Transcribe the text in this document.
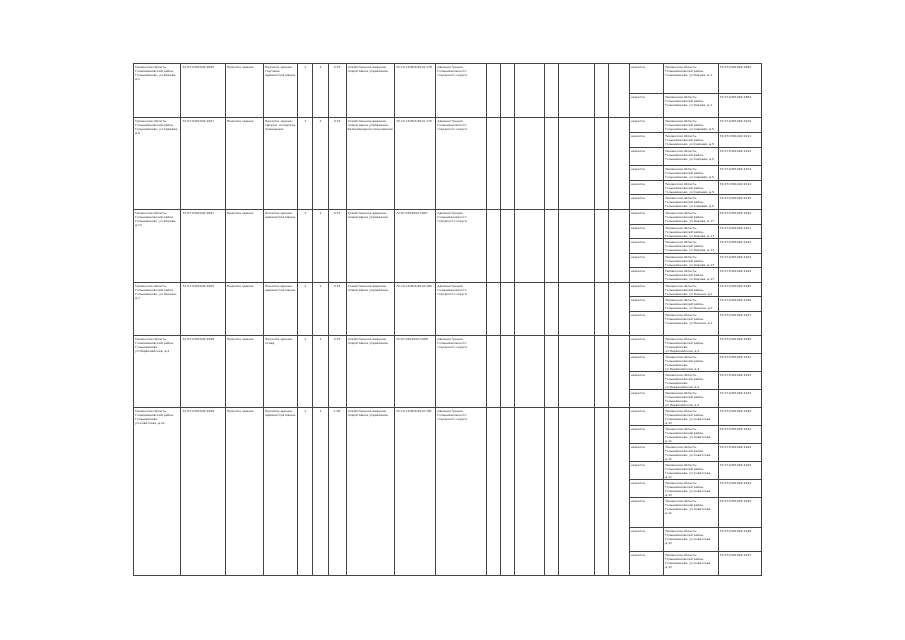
Тюменская область, Голышмановский район, Голышманово, ул.Кирова, д.1	72:07:0301002:1895	Нежилое здание	Нежилое здание торговое, административное	1	2	0,75	Хозяйственное ведение, оперативное управление	72-72-15/001/2012-178	Администрация Голышмановского городского округа								нежилое	Тюменская область, Голышмановский район, Голышманово, ул.Кирова, д.1	72:07:0301002:1892
																	нежилое	Тюменская область, Голышмановский район, Голышманово, ул.Кирова, д.1	72:07:0301002:1893
Тюменская область, Голышмановский район, Голышманово, ул.Садовая, д.5	72:07:0301002:1907	Нежилое здание	Нежилое здание, гаражи, складское помещение	1	2	0,72	Хозяйственное ведение, оперативное управление, безвозмездное пользование	72-72-15/001/2012-179	Администрация Голышмановского городского округа								нежилое	Тюменская область, Голышмановский район, Голышманово, ул.Садовая, д.5	72:07:0301002:1910
																	нежилое	Тюменская область, Голышмановский район, Голышманово, ул.Садовая, д.5	72:07:0301002:1911
																	нежилое	Тюменская область, Голышмановский район, Голышманово, ул.Садовая, д.5	72:07:0301002:1912
																	нежилое	Тюменская область, Голышмановский район, Голышманово, ул.Садовая, д.5	72:07:0301002:1913
																	нежилое	Тюменская область, Голышмановский район, Голышманово, ул.Садовая, д.5	72:07:0301002:1914
																	нежилое	Тюменская область, Голышмановский район, Голышманово, ул.Садовая, д.5	72:07:0301002:1915
Тюменская область, Голышмановский район, Голышманово, ул.Кирова, д.17	72:07:0301002:1897	Нежилое здание	Нежилое здание, административное	1	1	0,72	Хозяйственное ведение, оперативное управление	72:07:0301002:1897	Администрация Голышмановского городского округа								нежилое	Тюменская область, Голышмановский район, Голышманово, ул.Кирова, д.17	72:07:0301002:1920
																	нежилое	Тюменская область, Голышмановский район, Голышманово, ул.Кирова, д.17	72:07:0301002:1921
																	нежилое	Тюменская область, Голышмановский район, Голышманово, ул.Кирова, д.17	72:07:0301002:1922
																	нежилое	Тюменская область, Голышмановский район, Голышманово, ул.Кирова, д.17	72:07:0301002:1923
																	нежилое	Тюменская область, Голышмановский район, Голышманово, ул.Кирова, д.17	72:07:0301002:1924
Тюменская область, Голышмановский район, Голышманово, ул.Ленина, д.7	72:07:0301002:1905	Нежилое здание	Нежилое здание, административное	1	1	0,75	Хозяйственное ведение, оперативное управление	72-72-15/001/2012-180	Администрация Голышмановского городского округа								нежилое	Тюменская область, Голышмановский район, Голышманово, ул.Ленина, д.7	72:07:0301002:1925
																	нежилое	Тюменская область, Голышмановский район, Голышманово, ул.Ленина, д.7	72:07:0301002:1926
																	нежилое	Тюменская область, Голышмановский район, Голышманово, ул.Ленина, д.7	72:07:0301002:1927
Тюменская область, Голышмановский район, Голышманово, ул.Первомайская, д.2	72:07:0301002:1908	Нежилое здание	Нежилое здание, склад	1	1	0,75	Хозяйственное ведение, оперативное управление	72:07:0301002:1908	Администрация Голышмановского городского округа								нежилое	Тюменская область, Голышмановский район, Голышманово, ул.Первомайская, д.2	72:07:0301002:1930
																	нежилое	Тюменская область, Голышмановский район, Голышманово, ул.Первомайская, д.2	72:07:0301002:1931
																	нежилое	Тюменская область, Голышмановский район, Голышманово, ул.Первомайская, д.2	72:07:0301002:1932
																	нежилое	Тюменская область, Голышмановский район, Голышманово, ул.Первомайская, д.2	72:07:0301002:1933
Тюменская область, Голышмановский район, Голышманово, ул.Советская, д.11	72:07:0301002:1909	Нежилое здание	Нежилое здание, административное	1	1	1,00	Хозяйственное ведение, оперативное управление	72-72-15/001/2012-181	Администрация Голышмановского городского округа								нежилое	Тюменская область, Голышмановский район, Голышманово, ул.Советская, д.11	72:07:0301002:1940
																	нежилое	Тюменская область, Голышмановский район, Голышманово, ул.Советская, д.11	72:07:0301002:1941
																	нежилое	Тюменская область, Голышмановский район, Голышманово, ул.Советская, д.11	72:07:0301002:1942
																	нежилое	Тюменская область, Голышмановский район, Голышманово, ул.Советская, д.11	72:07:0301002:1943
																	нежилое	Тюменская область, Голышмановский район, Голышманово, ул.Советская, д.11	72:07:0301002:1944
																	нежилое	Тюменская область, Голышмановский район, Голышманово, ул.Советская, д.11	72:07:0301002:1945
																	нежилое	Тюменская область, Голышмановский район, Голышманово, ул.Советская, д.11	72:07:0301002:1946
																	нежилое	Тюменская область, Голышмановский район, Голышманово, ул.Советская, д.11	72:07:0301002:1947
